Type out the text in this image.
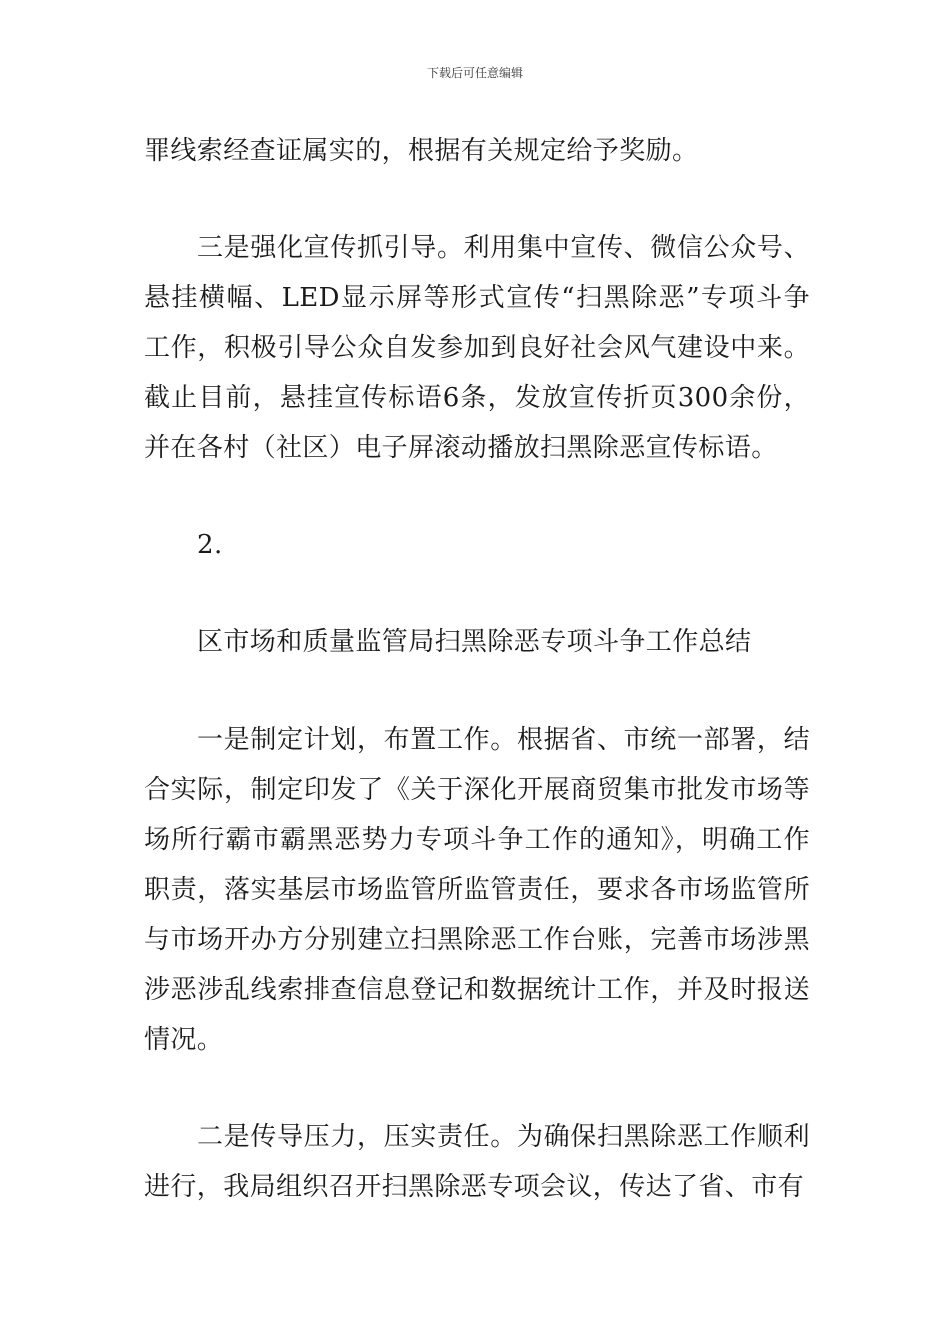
下载后可任意编辑

罪线索经查证属实的，根据有关规定给予奖励。

三是强化宣传抓引导。利用集中宣传、微信公众号、悬挂横幅、LED显示屏等形式宣传“扫黑除恶”专项斗争工作，积极引导公众自发参加到良好社会风气建设中来。截止目前，悬挂宣传标语6条，发放宣传折页300余份，并在各村（社区）电子屏滚动播放扫黑除恶宣传标语。

2.

区市场和质量监管局扫黑除恶专项斗争工作总结

一是制定计划，布置工作。根据省、市统一部署，结合实际，制定印发了《关于深化开展商贸集市批发市场等场所行霸市霸黑恶势力专项斗争工作的通知》，明确工作职责，落实基层市场监管所监管责任，要求各市场监管所与市场开办方分别建立扫黑除恶工作台账，完善市场涉黑涉恶涉乱线索排查信息登记和数据统计工作，并及时报送情况。

二是传导压力，压实责任。为确保扫黑除恶工作顺利进行，我局组织召开扫黑除恶专项会议，传达了省、市有
